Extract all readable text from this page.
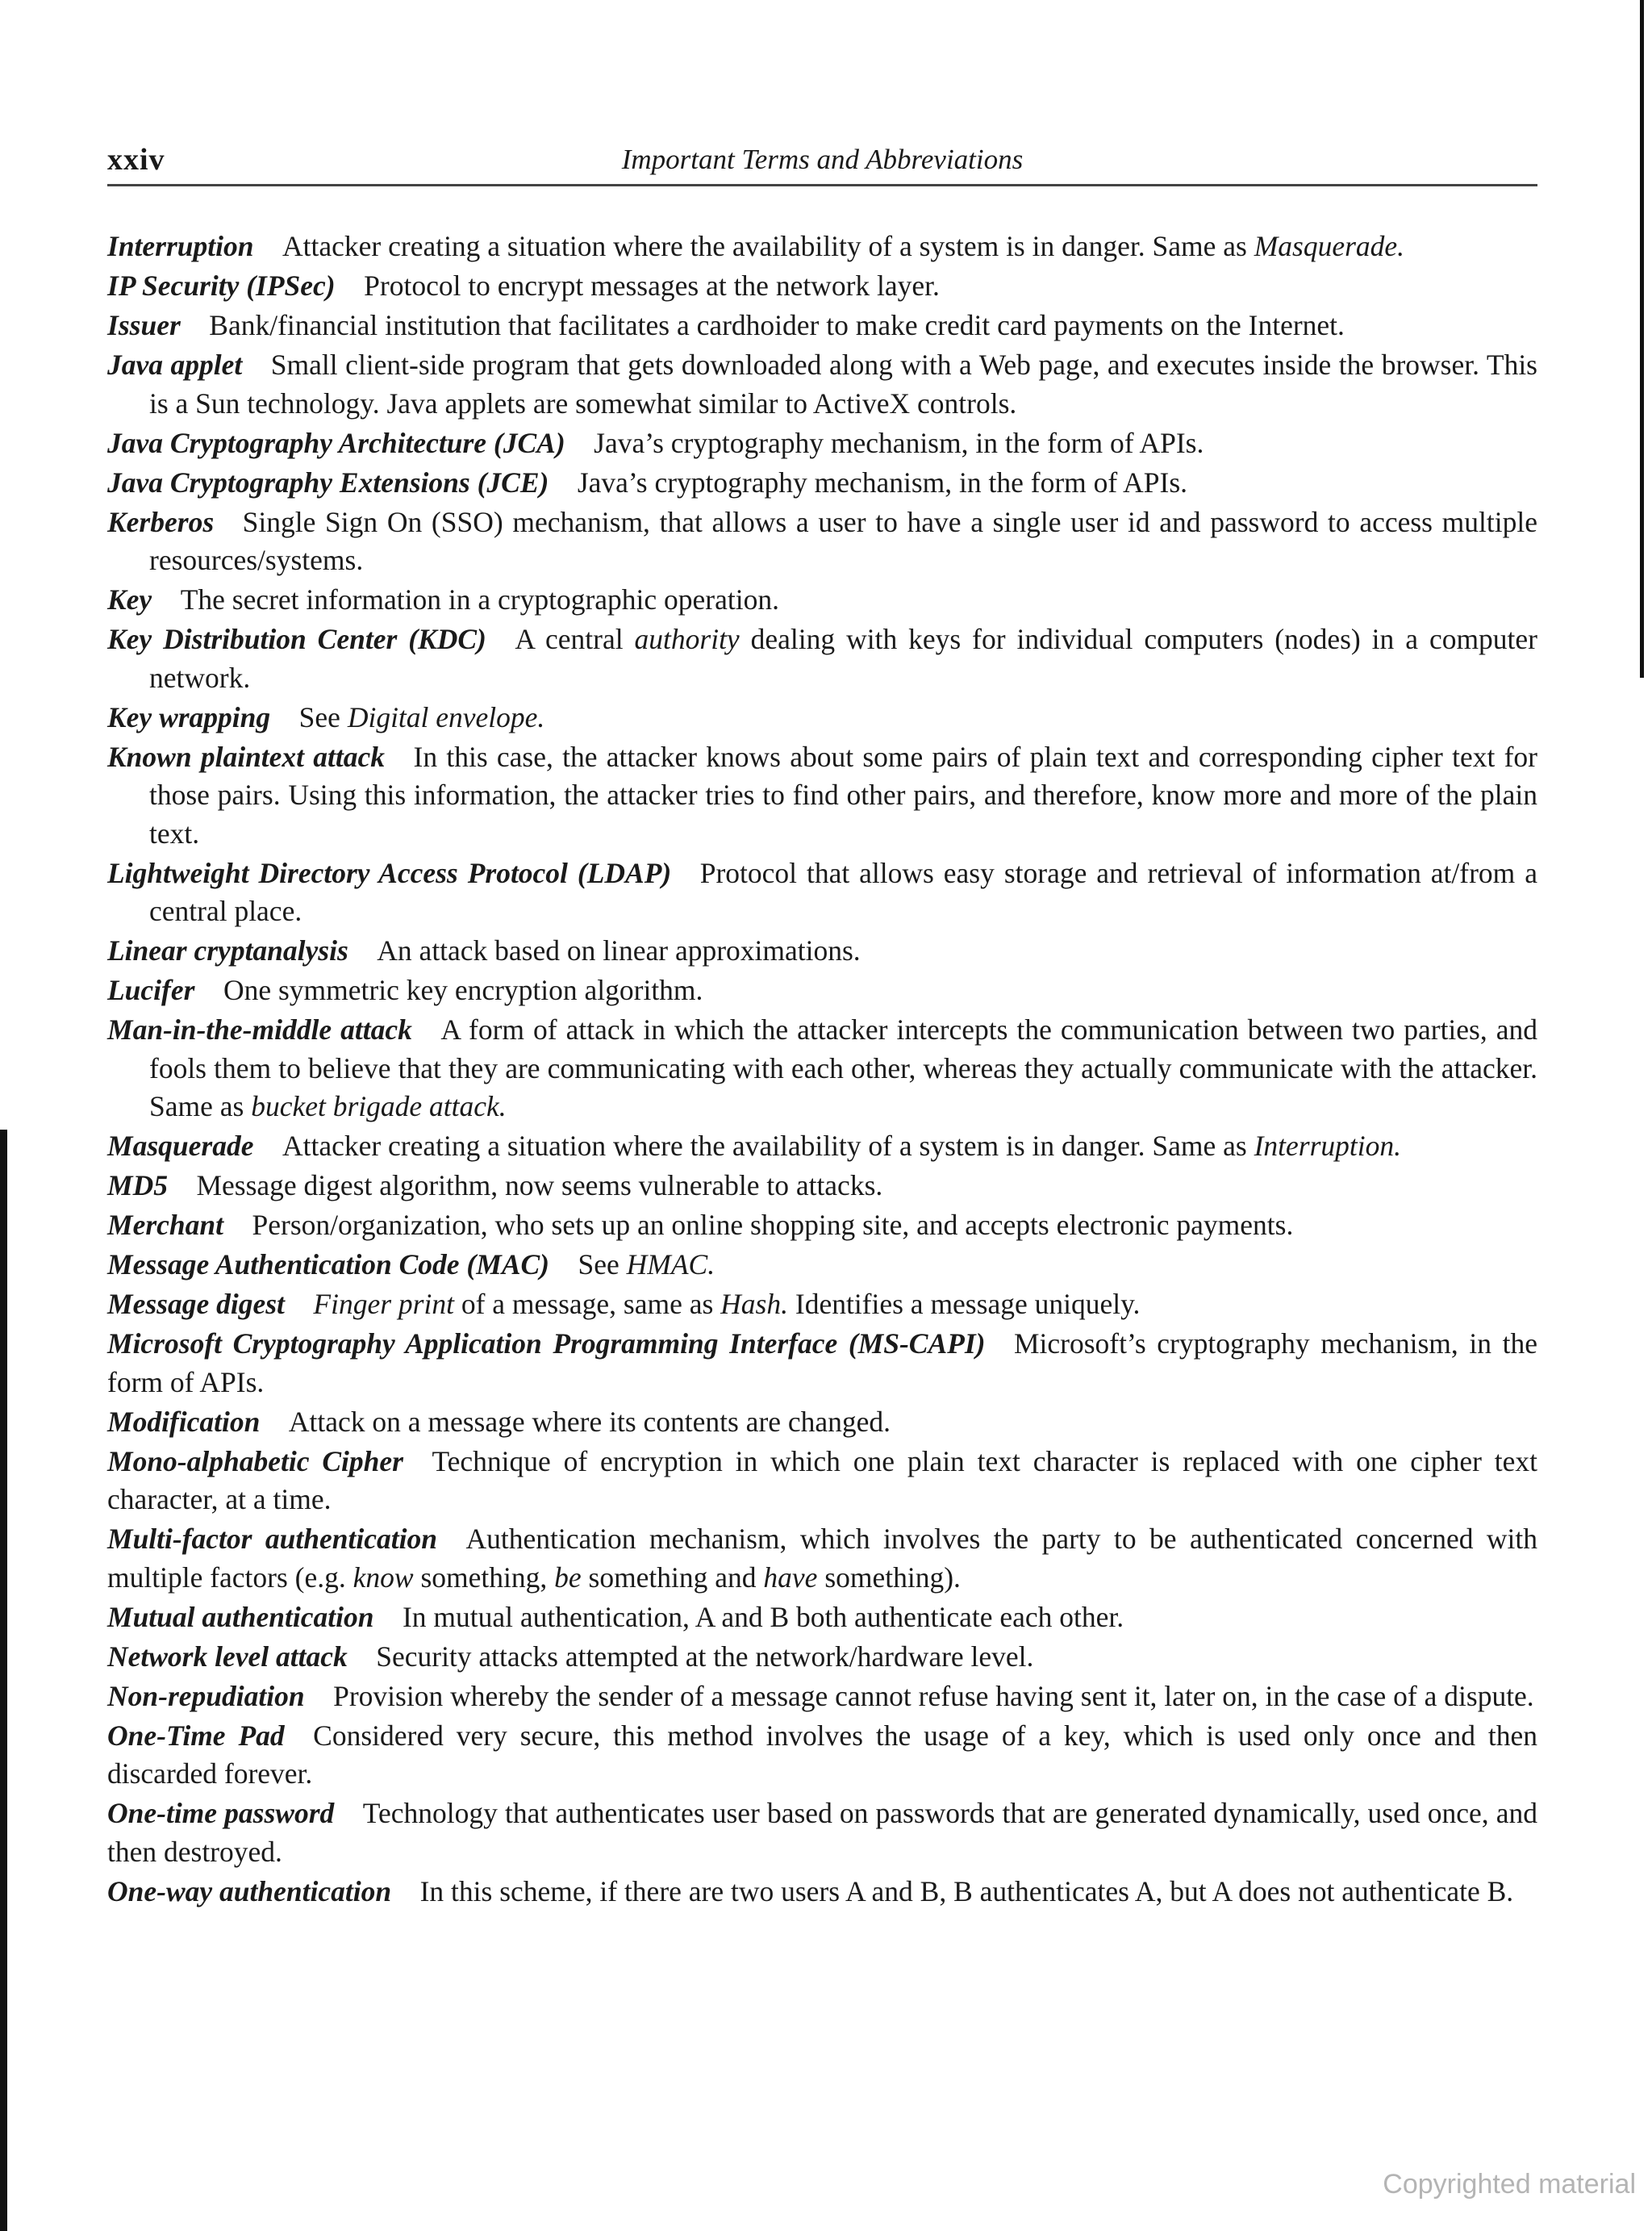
xxiv	Important Terms and Abbreviations

Interruption  Attacker creating a situation where the availability of a system is in danger. Same as Masquerade.

IP Security (IPSec)  Protocol to encrypt messages at the network layer.

Issuer  Bank/financial institution that facilitates a cardhoider to make credit card payments on the Internet.

Java applet  Small client-side program that gets downloaded along with a Web page, and executes inside the browser. This is a Sun technology. Java applets are somewhat similar to ActiveX controls.

Java Cryptography Architecture (JCA)  Java’s cryptography mechanism, in the form of APIs.

Java Cryptography Extensions (JCE)  Java’s cryptography mechanism, in the form of APIs.

Kerberos  Single Sign On (SSO) mechanism, that allows a user to have a single user id and password to access multiple resources/systems.

Key  The secret information in a cryptographic operation.

Key Distribution Center (KDC)  A central authority dealing with keys for individual computers (nodes) in a computer network.

Key wrapping  See Digital envelope.

Known plaintext attack  In this case, the attacker knows about some pairs of plain text and corresponding cipher text for those pairs. Using this information, the attacker tries to find other pairs, and therefore, know more and more of the plain text.

Lightweight Directory Access Protocol (LDAP)  Protocol that allows easy storage and retrieval of information at/from a central place.

Linear cryptanalysis  An attack based on linear approximations.

Lucifer  One symmetric key encryption algorithm.

Man-in-the-middle attack  A form of attack in which the attacker intercepts the communication between two parties, and fools them to believe that they are communicating with each other, whereas they actually communicate with the attacker. Same as bucket brigade attack.

Masquerade  Attacker creating a situation where the availability of a system is in danger. Same as Interruption.

MD5  Message digest algorithm, now seems vulnerable to attacks.

Merchant  Person/organization, who sets up an online shopping site, and accepts electronic payments.

Message Authentication Code (MAC)  See HMAC.

Message digest  Finger print of a message, same as Hash. Identifies a message uniquely.

Microsoft Cryptography Application Programming Interface (MS-CAPI)  Microsoft’s cryptography mechanism, in the form of APIs.

Modification  Attack on a message where its contents are changed.

Mono-alphabetic Cipher  Technique of encryption in which one plain text character is replaced with one cipher text character, at a time.

Multi-factor authentication  Authentication mechanism, which involves the party to be authenticated concerned with multiple factors (e.g. know something, be something and have something).

Mutual authentication  In mutual authentication, A and B both authenticate each other.

Network level attack  Security attacks attempted at the network/hardware level.

Non-repudiation  Provision whereby the sender of a message cannot refuse having sent it, later on, in the case of a dispute.

One-Time Pad  Considered very secure, this method involves the usage of a key, which is used only once and then discarded forever.

One-time password  Technology that authenticates user based on passwords that are generated dynamically, used once, and then destroyed.

One-way authentication  In this scheme, if there are two users A and B, B authenticates A, but A does not authenticate B.

Copyrighted material
